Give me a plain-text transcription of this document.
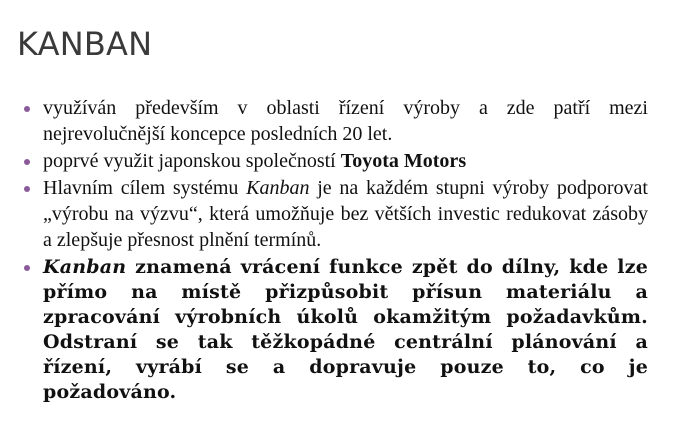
KANBAN
využíván především v oblasti řízení výroby a zde patří mezi nejrevolučnější koncepce posledních 20 let.
poprvé využit japonskou společností Toyota Motors
Hlavním cílem systému Kanban je na každém stupni výroby podporovat „výrobu na výzvu“, která umožňuje bez větších investic redukovat zásoby a zlepšuje přesnost plnění termínů.
Kanban znamená vrácení funkce zpět do dílny, kde lze přímo na místě přizpůsobit přísun materiálu a zpracování výrobních úkolů okamžitým požadavkům. Odstraní se tak těžkopádné centrální plánování a řízení, vyrábí se a dopravuje pouze to, co je požadováno.
